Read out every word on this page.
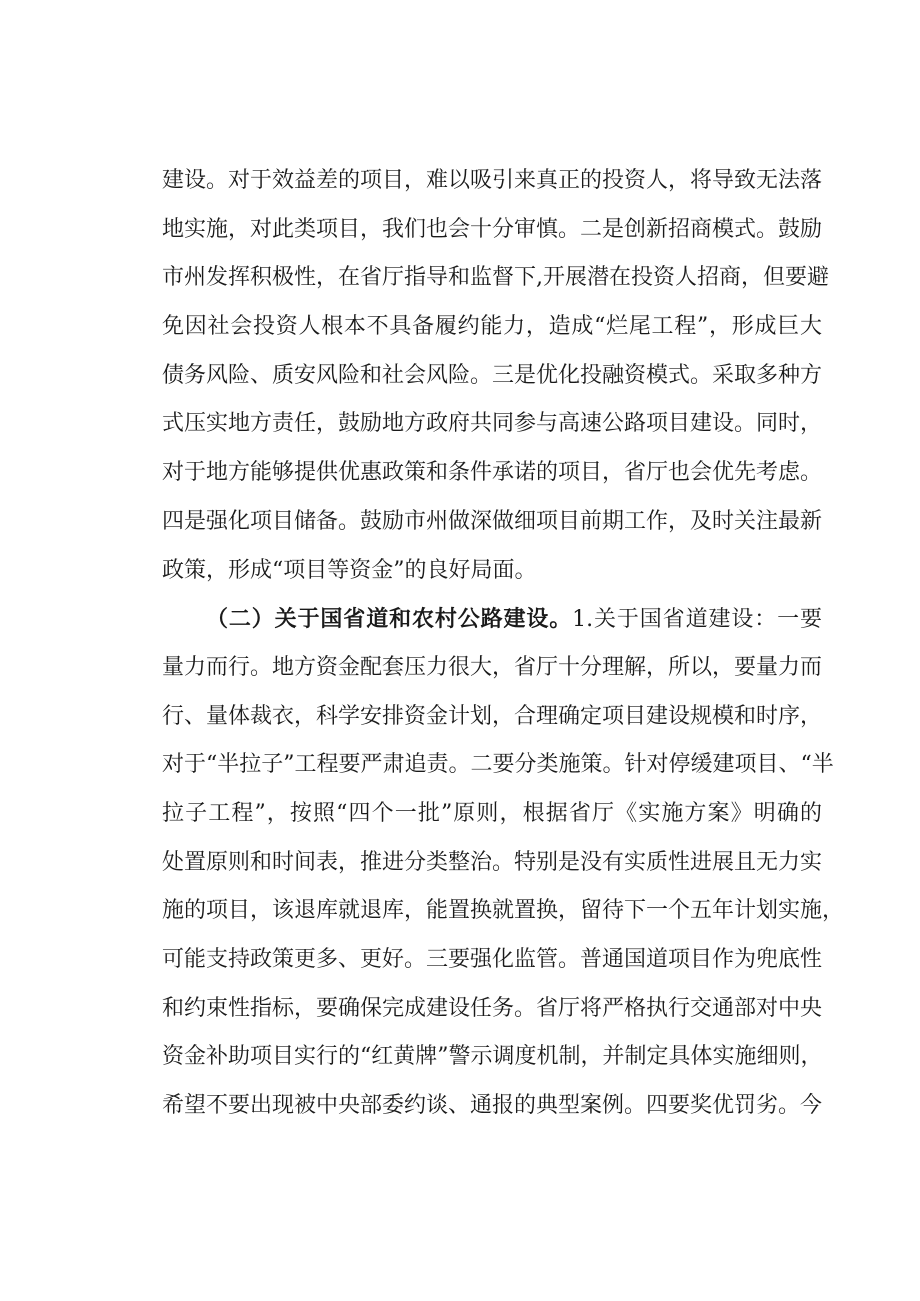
建设。对于效益差的项目，难以吸引来真正的投资人，将导致无法落
地实施，对此类项目，我们也会十分审慎。二是创新招商模式。鼓励
市州发挥积极性，在省厅指导和监督下,开展潜在投资人招商，但要避
免因社会投资人根本不具备履约能力，造成“烂尾工程”，形成巨大
债务风险、质安风险和社会风险。三是优化投融资模式。采取多种方
式压实地方责任，鼓励地方政府共同参与高速公路项目建设。同时，
对于地方能够提供优惠政策和条件承诺的项目，省厅也会优先考虑。
四是强化项目储备。鼓励市州做深做细项目前期工作，及时关注最新
政策，形成“项目等资金”的良好局面。
（二）关于国省道和农村公路建设。1.关于国省道建设：一要
量力而行。地方资金配套压力很大，省厅十分理解，所以，要量力而
行、量体裁衣，科学安排资金计划，合理确定项目建设规模和时序，
对于“半拉子”工程要严肃追责。二要分类施策。针对停缓建项目、“半
拉子工程”，按照“四个一批”原则，根据省厅《实施方案》明确的
处置原则和时间表，推进分类整治。特别是没有实质性进展且无力实
施的项目，该退库就退库，能置换就置换，留待下一个五年计划实施，
可能支持政策更多、更好。三要强化监管。普通国道项目作为兜底性
和约束性指标，要确保完成建设任务。省厅将严格执行交通部对中央
资金补助项目实行的“红黄牌”警示调度机制，并制定具体实施细则，
希望不要出现被中央部委约谈、通报的典型案例。四要奖优罚劣。今
